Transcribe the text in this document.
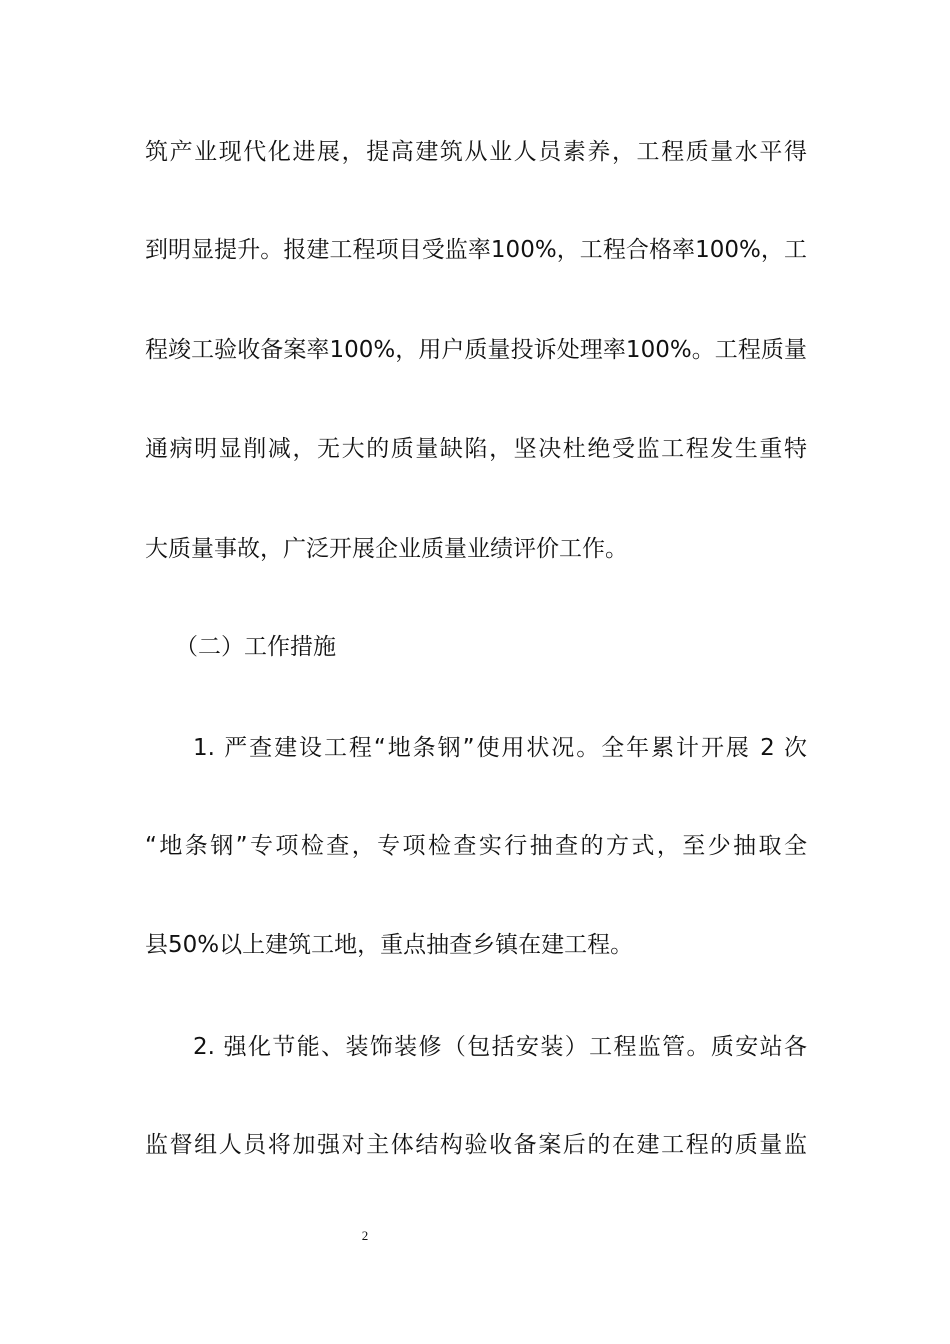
筑产业现代化进展，提高建筑从业人员素养，工程质量水平得
到明显提升。报建工程项目受监率100%，工程合格率100%，工
程竣工验收备案率100%，用户质量投诉处理率100%。工程质量
通病明显削减，无大的质量缺陷，坚决杜绝受监工程发生重特
大质量事故，广泛开展企业质量业绩评价工作。
（二）工作措施
1. 严查建设工程“地条钢”使用状况。全年累计开展 2 次
“地条钢”专项检查，专项检查实行抽查的方式，至少抽取全
县50%以上建筑工地，重点抽查乡镇在建工程。
2. 强化节能、装饰装修（包括安装）工程监管。质安站各
监督组人员将加强对主体结构验收备案后的在建工程的质量监
2
